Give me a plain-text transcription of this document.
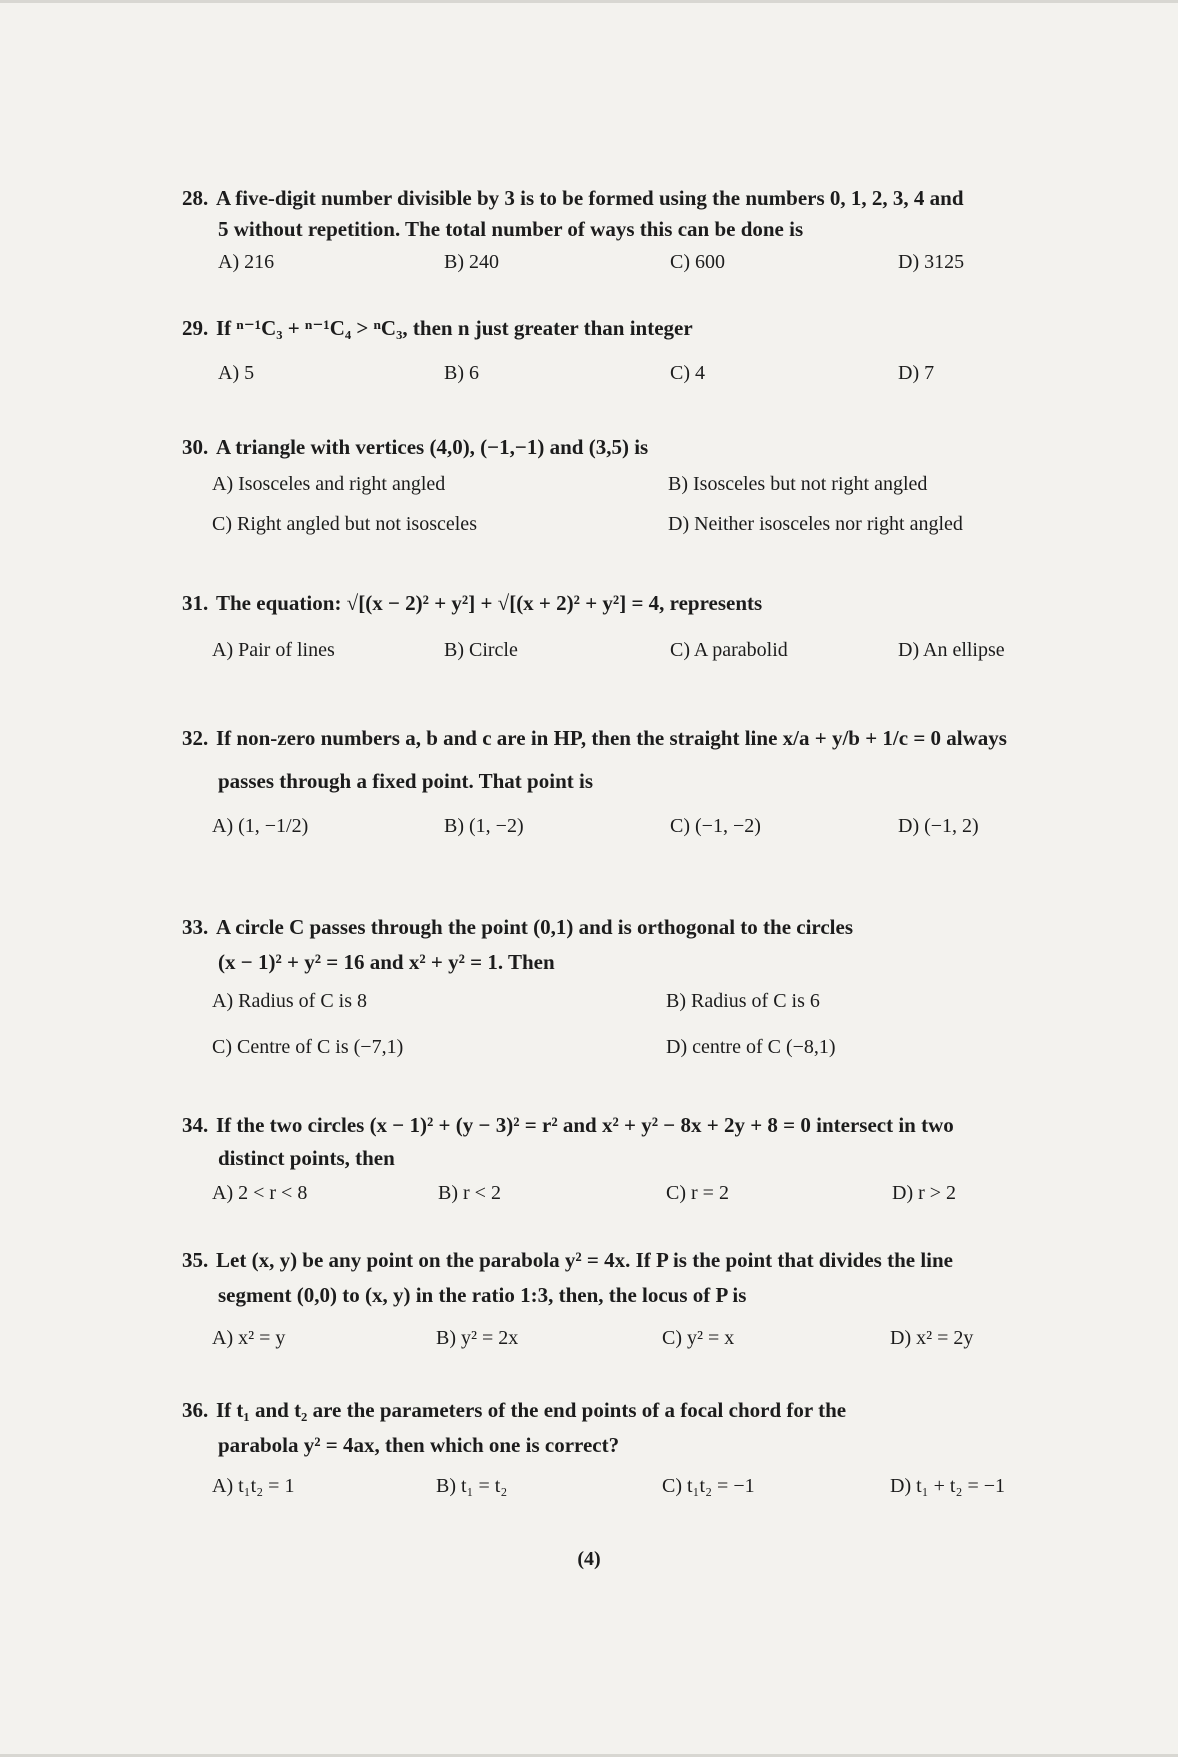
28. A five-digit number divisible by 3 is to be formed using the numbers 0, 1, 2, 3, 4 and
5 without repetition. The total number of ways this can be done is
A) 216	B) 240	C) 600	D) 3125
29. If ⁿ⁻¹C₃ + ⁿ⁻¹C₄ > ⁿC₃, then n just greater than integer
A) 5	B) 6	C) 4	D) 7
30. A triangle with vertices (4,0), (−1,−1) and (3,5) is
A) Isosceles and right angled	B) Isosceles but not right angled
C) Right angled but not isosceles	D) Neither isosceles nor right angled
31. The equation: √[(x − 2)² + y²] + √[(x + 2)² + y²] = 4, represents
A) Pair of lines	B) Circle	C) A parabolid	D) An ellipse
32. If non-zero numbers a, b and c are in HP, then the straight line x/a + y/b + 1/c = 0 always
passes through a fixed point. That point is
A) (1, −1/2)	B) (1, −2)	C) (−1, −2)	D) (−1, 2)
33. A circle C passes through the point (0,1) and is orthogonal to the circles
(x − 1)² + y² = 16 and x² + y² = 1. Then
A) Radius of C is 8	B) Radius of C is 6
C) Centre of C is (−7,1)	D) centre of C (−8,1)
34. If the two circles (x − 1)² + (y − 3)² = r² and x² + y² − 8x + 2y + 8 = 0 intersect in two
distinct points, then
A) 2 < r < 8	B) r < 2	C) r = 2	D) r > 2
35. Let (x, y) be any point on the parabola y² = 4x. If P is the point that divides the line
segment (0,0) to (x, y) in the ratio 1:3, then, the locus of P is
A) x² = y	B) y² = 2x	C) y² = x	D) x² = 2y
36. If t₁ and t₂ are the parameters of the end points of a focal chord for the
parabola y² = 4ax, then which one is correct?
A) t₁t₂ = 1	B) t₁ = t₂	C) t₁t₂ = −1	D) t₁ + t₂ = −1
(4)
